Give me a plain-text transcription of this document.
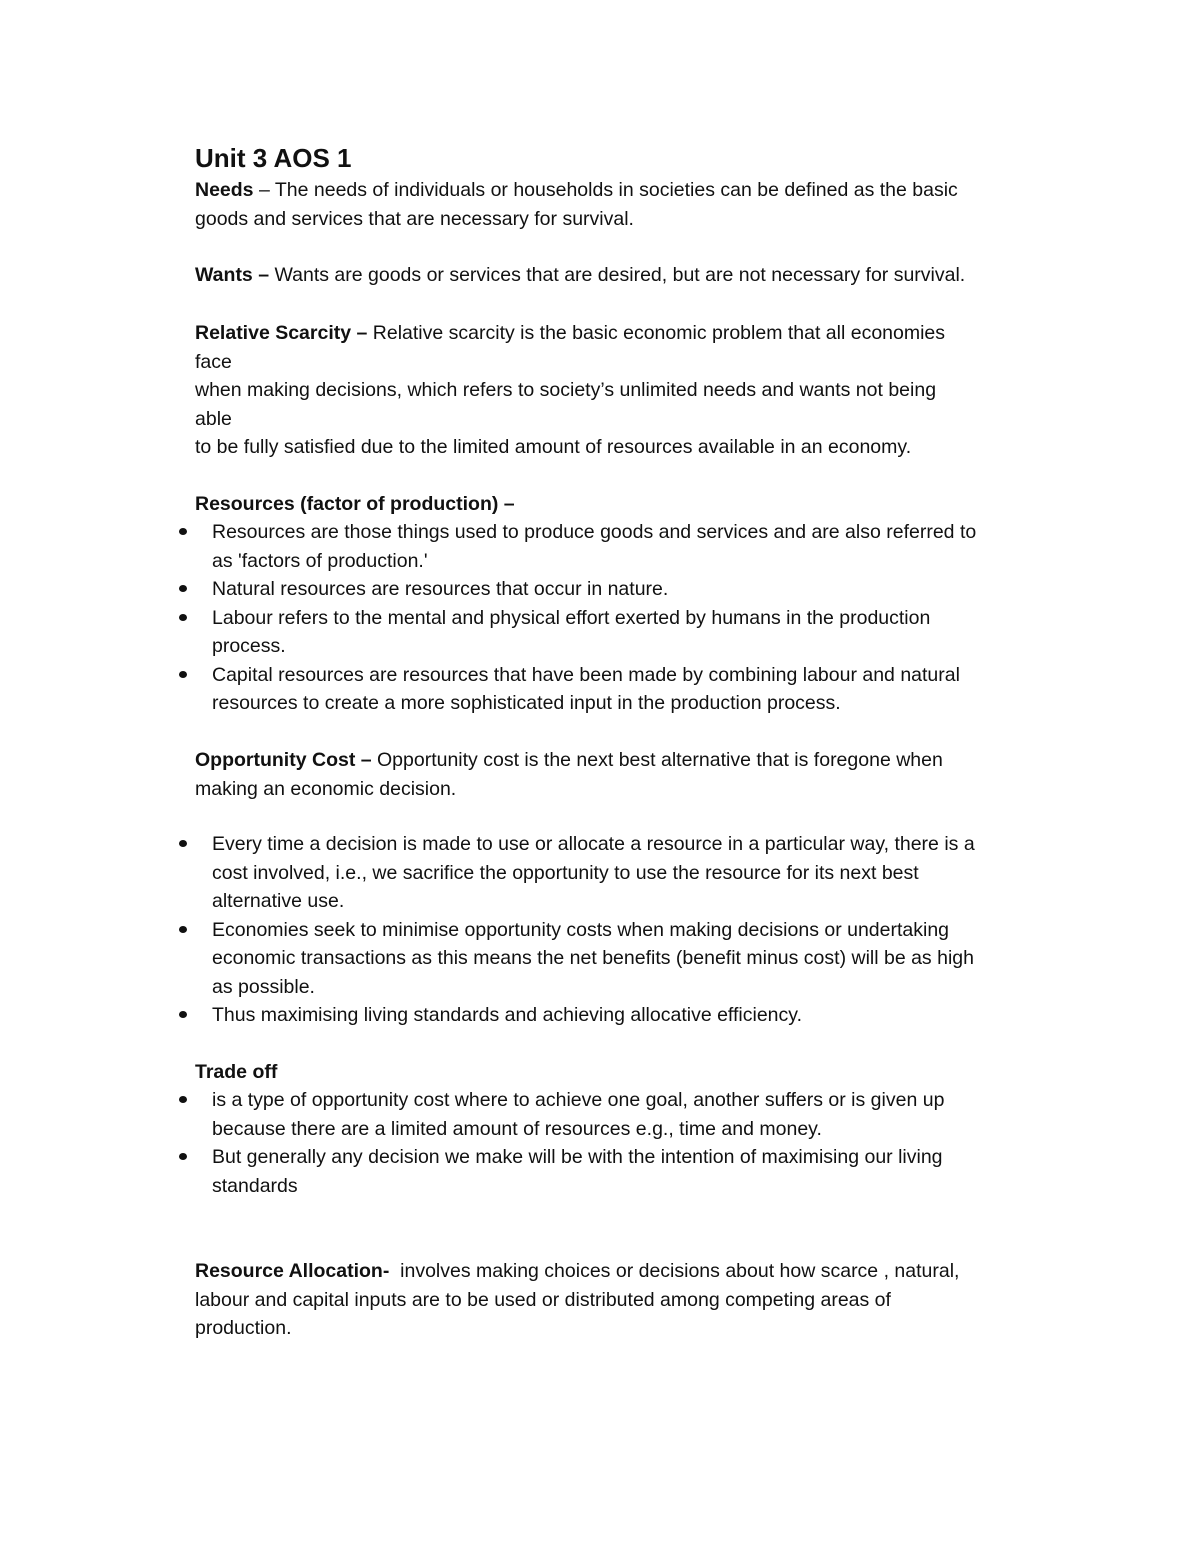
Unit 3 AOS 1
Needs – The needs of individuals or households in societies can be defined as the basic
goods and services that are necessary for survival.
Wants – Wants are goods or services that are desired, but are not necessary for survival.
Relative Scarcity – Relative scarcity is the basic economic problem that all economies
face
when making decisions, which refers to society’s unlimited needs and wants not being
able
to be fully satisfied due to the limited amount of resources available in an economy.
Resources (factor of production) –
Resources are those things used to produce goods and services and are also referred to
as 'factors of production.'
Natural resources are resources that occur in nature.
Labour refers to the mental and physical effort exerted by humans in the production
process.
Capital resources are resources that have been made by combining labour and natural
resources to create a more sophisticated input in the production process.
Opportunity Cost – Opportunity cost is the next best alternative that is foregone when
making an economic decision.
Every time a decision is made to use or allocate a resource in a particular way, there is a
cost involved, i.e., we sacrifice the opportunity to use the resource for its next best
alternative use.
Economies seek to minimise opportunity costs when making decisions or undertaking
economic transactions as this means the net benefits (benefit minus cost) will be as high
as possible.
Thus maximising living standards and achieving allocative efficiency.
Trade off
is a type of opportunity cost where to achieve one goal, another suffers or is given up
because there are a limited amount of resources e.g., time and money.
But generally any decision we make will be with the intention of maximising our living
standards
Resource Allocation-  involves making choices or decisions about how scarce , natural,
labour and capital inputs are to be used or distributed among competing areas of
production.
